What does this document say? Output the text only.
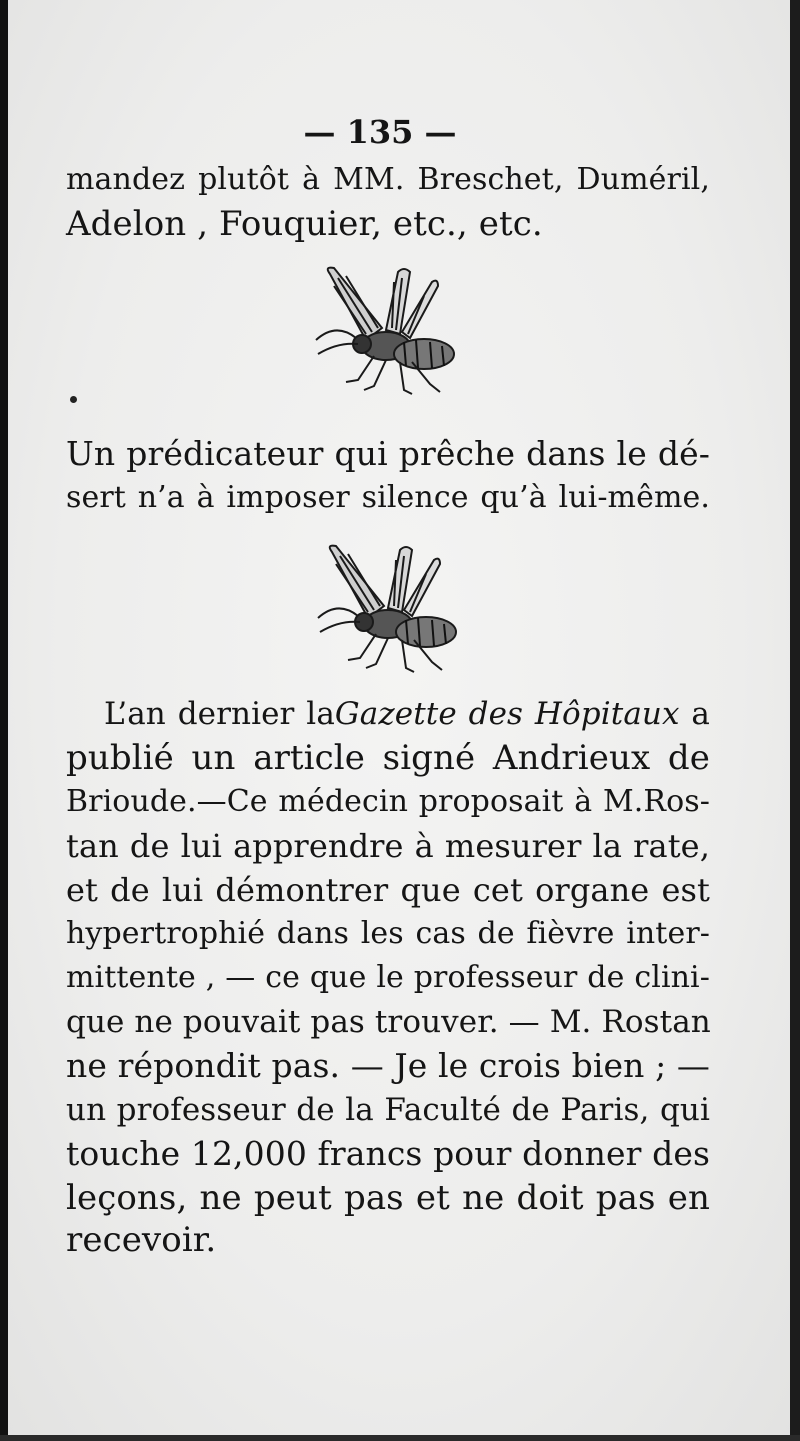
— 135 —

mandez plutôt à MM. Breschet, Duméril,

Adelon , Fouquier, etc., etc.

Un prédicateur qui prêche dans le dé-

sert n’a à imposer silence qu’à lui-même.

L’an dernier laGazette des Hôpitaux a

publié un article signé Andrieux de

Brioude.—Ce médecin proposait à M.Ros-

tan de lui apprendre à mesurer la rate,

et de lui démontrer que cet organe est

hypertrophié dans les cas de fièvre inter-

mittente , — ce que le professeur de clini-

que ne pouvait pas trouver. — M. Rostan

ne répondit pas. — Je le crois bien ; —

un professeur de la Faculté de Paris, qui

touche 12,000 francs pour donner des

leçons, ne peut pas et ne doit pas en

recevoir.
